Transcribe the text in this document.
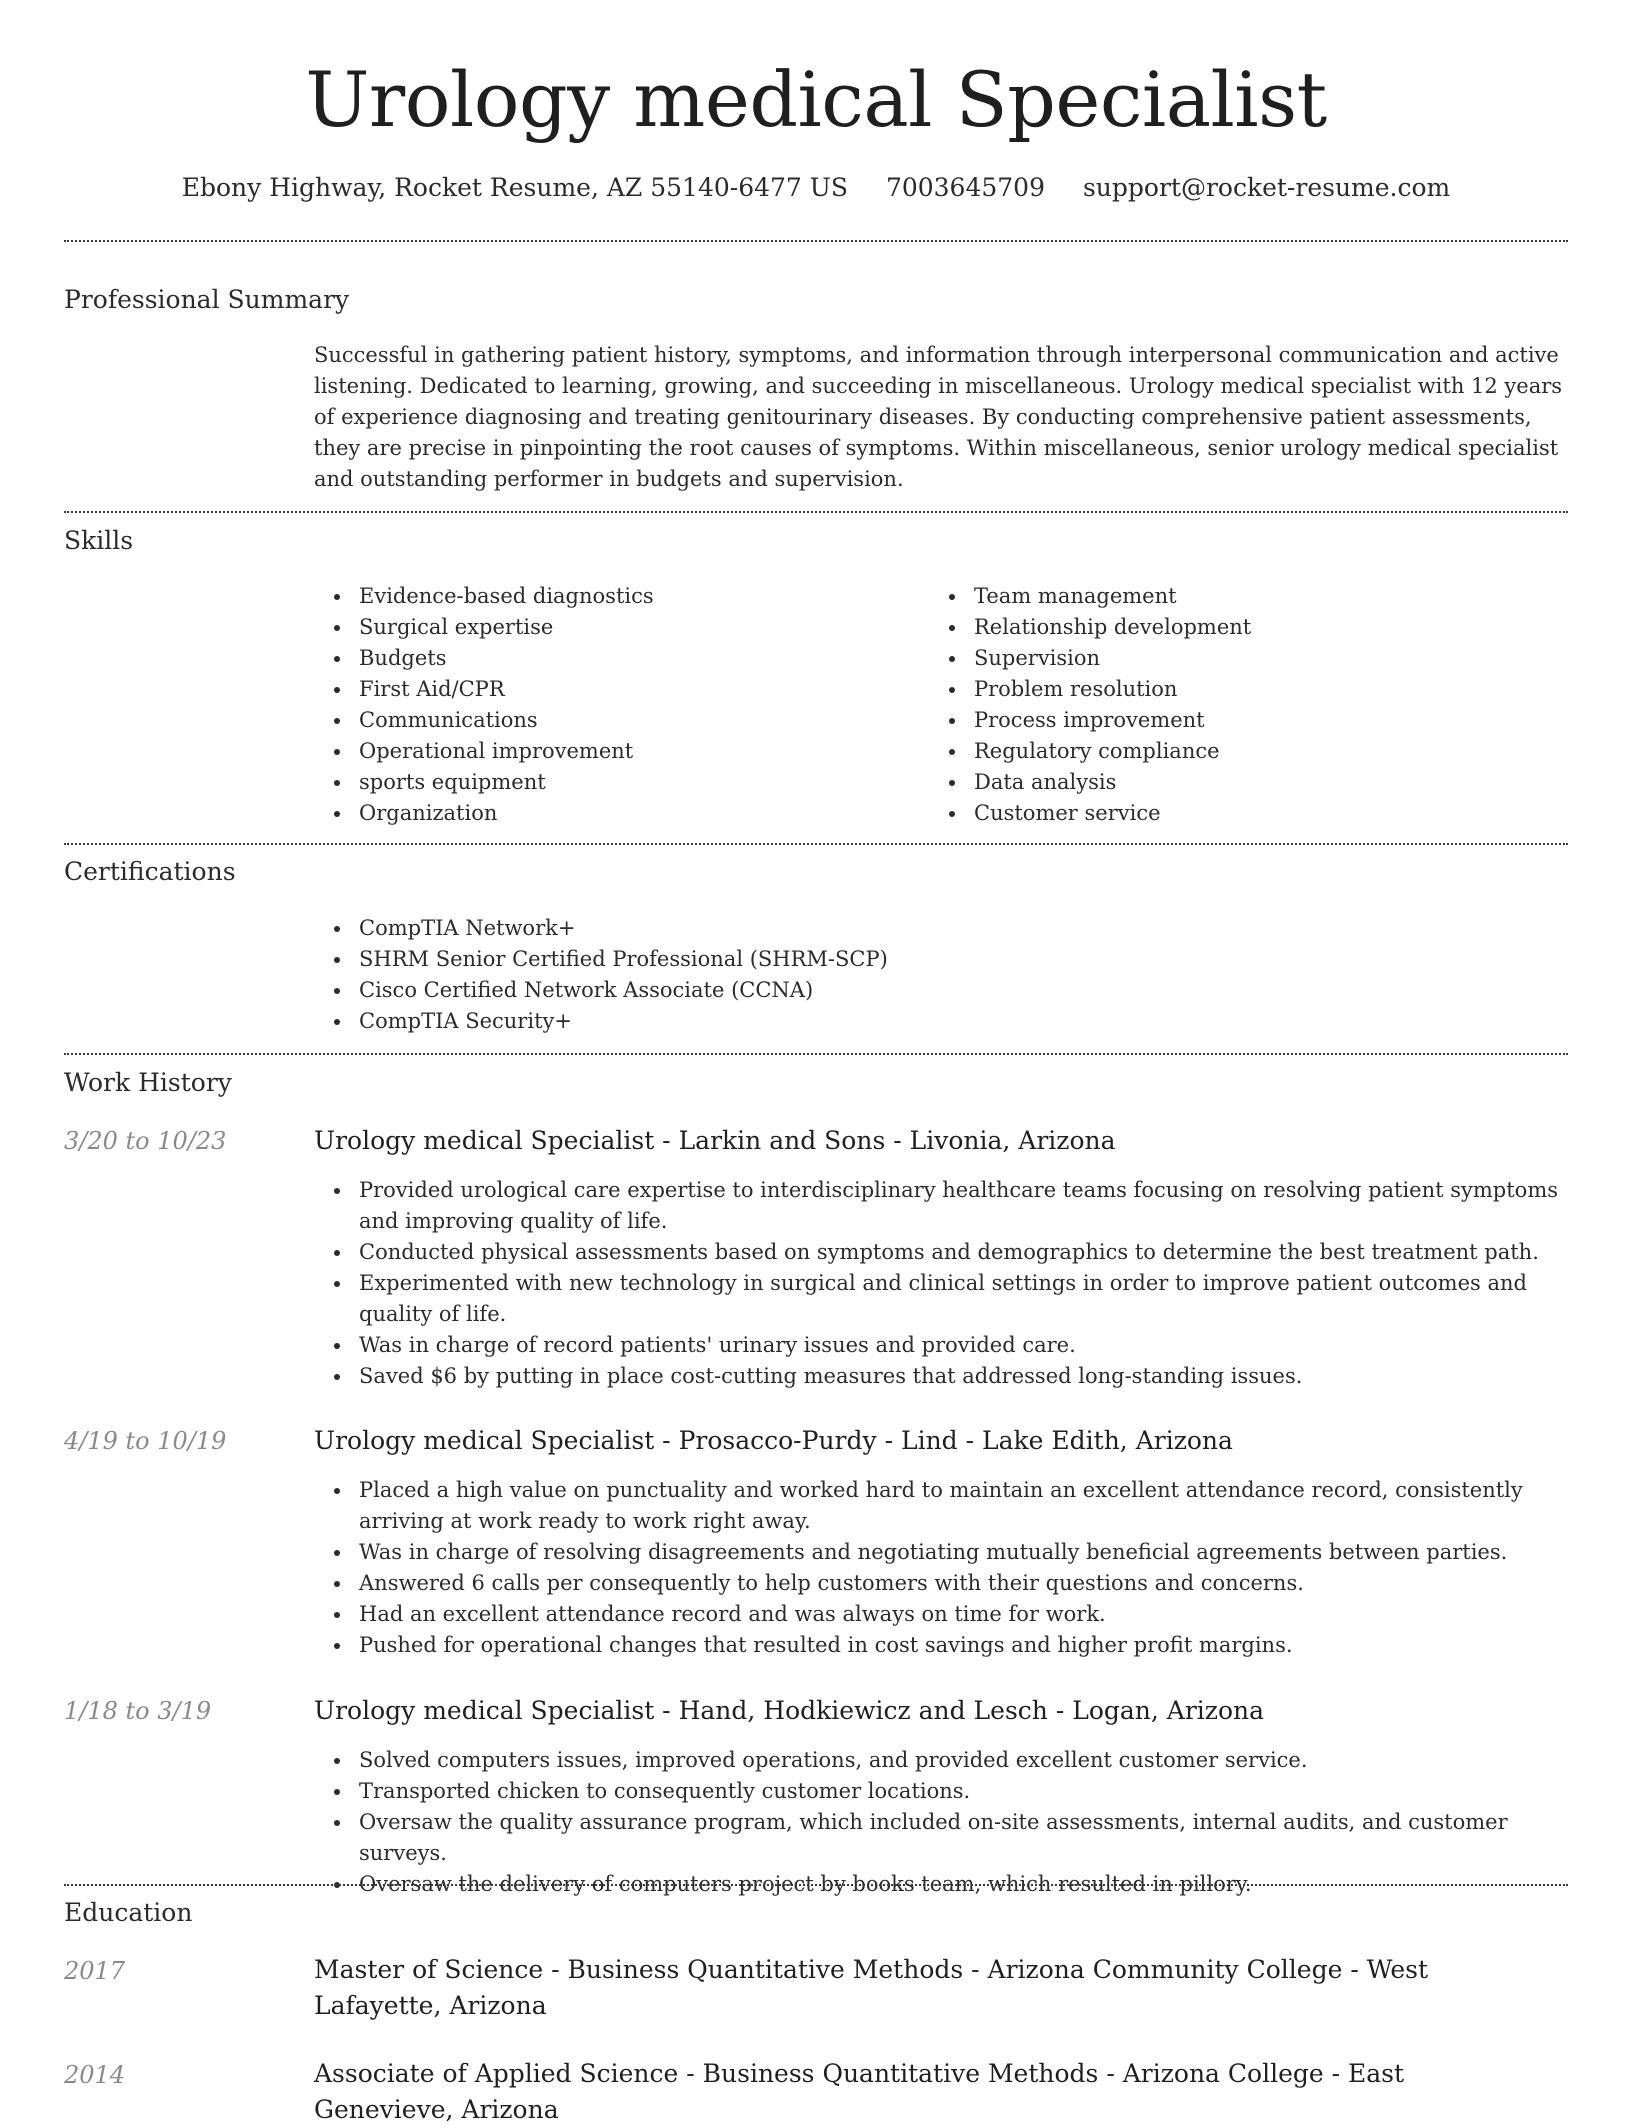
Urology medical Specialist
Ebony Highway, Rocket Resume, AZ 55140-6477 US 7003645709 support@rocket-resume.com
Professional Summary
Successful in gathering patient history, symptoms, and information through interpersonal communication and active listening. Dedicated to learning, growing, and succeeding in miscellaneous. Urology medical specialist with 12 years of experience diagnosing and treating genitourinary diseases. By conducting comprehensive patient assessments, they are precise in pinpointing the root causes of symptoms. Within miscellaneous, senior urology medical specialist and outstanding performer in budgets and supervision.
Skills
Evidence-based diagnostics
Surgical expertise
Budgets
First Aid/CPR
Communications
Operational improvement
sports equipment
Organization
Team management
Relationship development
Supervision
Problem resolution
Process improvement
Regulatory compliance
Data analysis
Customer service
Certifications
CompTIA Network+
SHRM Senior Certified Professional (SHRM-SCP)
Cisco Certified Network Associate (CCNA)
CompTIA Security+
Work History
3/20 to 10/23	Urology medical Specialist - Larkin and Sons - Livonia, Arizona
Provided urological care expertise to interdisciplinary healthcare teams focusing on resolving patient symptoms and improving quality of life.
Conducted physical assessments based on symptoms and demographics to determine the best treatment path.
Experimented with new technology in surgical and clinical settings in order to improve patient outcomes and quality of life.
Was in charge of record patients' urinary issues and provided care.
Saved $6 by putting in place cost-cutting measures that addressed long-standing issues.
4/19 to 10/19	Urology medical Specialist - Prosacco-Purdy - Lind - Lake Edith, Arizona
Placed a high value on punctuality and worked hard to maintain an excellent attendance record, consistently arriving at work ready to work right away.
Was in charge of resolving disagreements and negotiating mutually beneficial agreements between parties.
Answered 6 calls per consequently to help customers with their questions and concerns.
Had an excellent attendance record and was always on time for work.
Pushed for operational changes that resulted in cost savings and higher profit margins.
1/18 to 3/19	Urology medical Specialist - Hand, Hodkiewicz and Lesch - Logan, Arizona
Solved computers issues, improved operations, and provided excellent customer service.
Transported chicken to consequently customer locations.
Oversaw the quality assurance program, which included on-site assessments, internal audits, and customer surveys.
Oversaw the delivery of computers project by books team, which resulted in pillory.
Education
2017	Master of Science - Business Quantitative Methods - Arizona Community College - West Lafayette, Arizona
2014	Associate of Applied Science - Business Quantitative Methods - Arizona College - East Genevieve, Arizona
